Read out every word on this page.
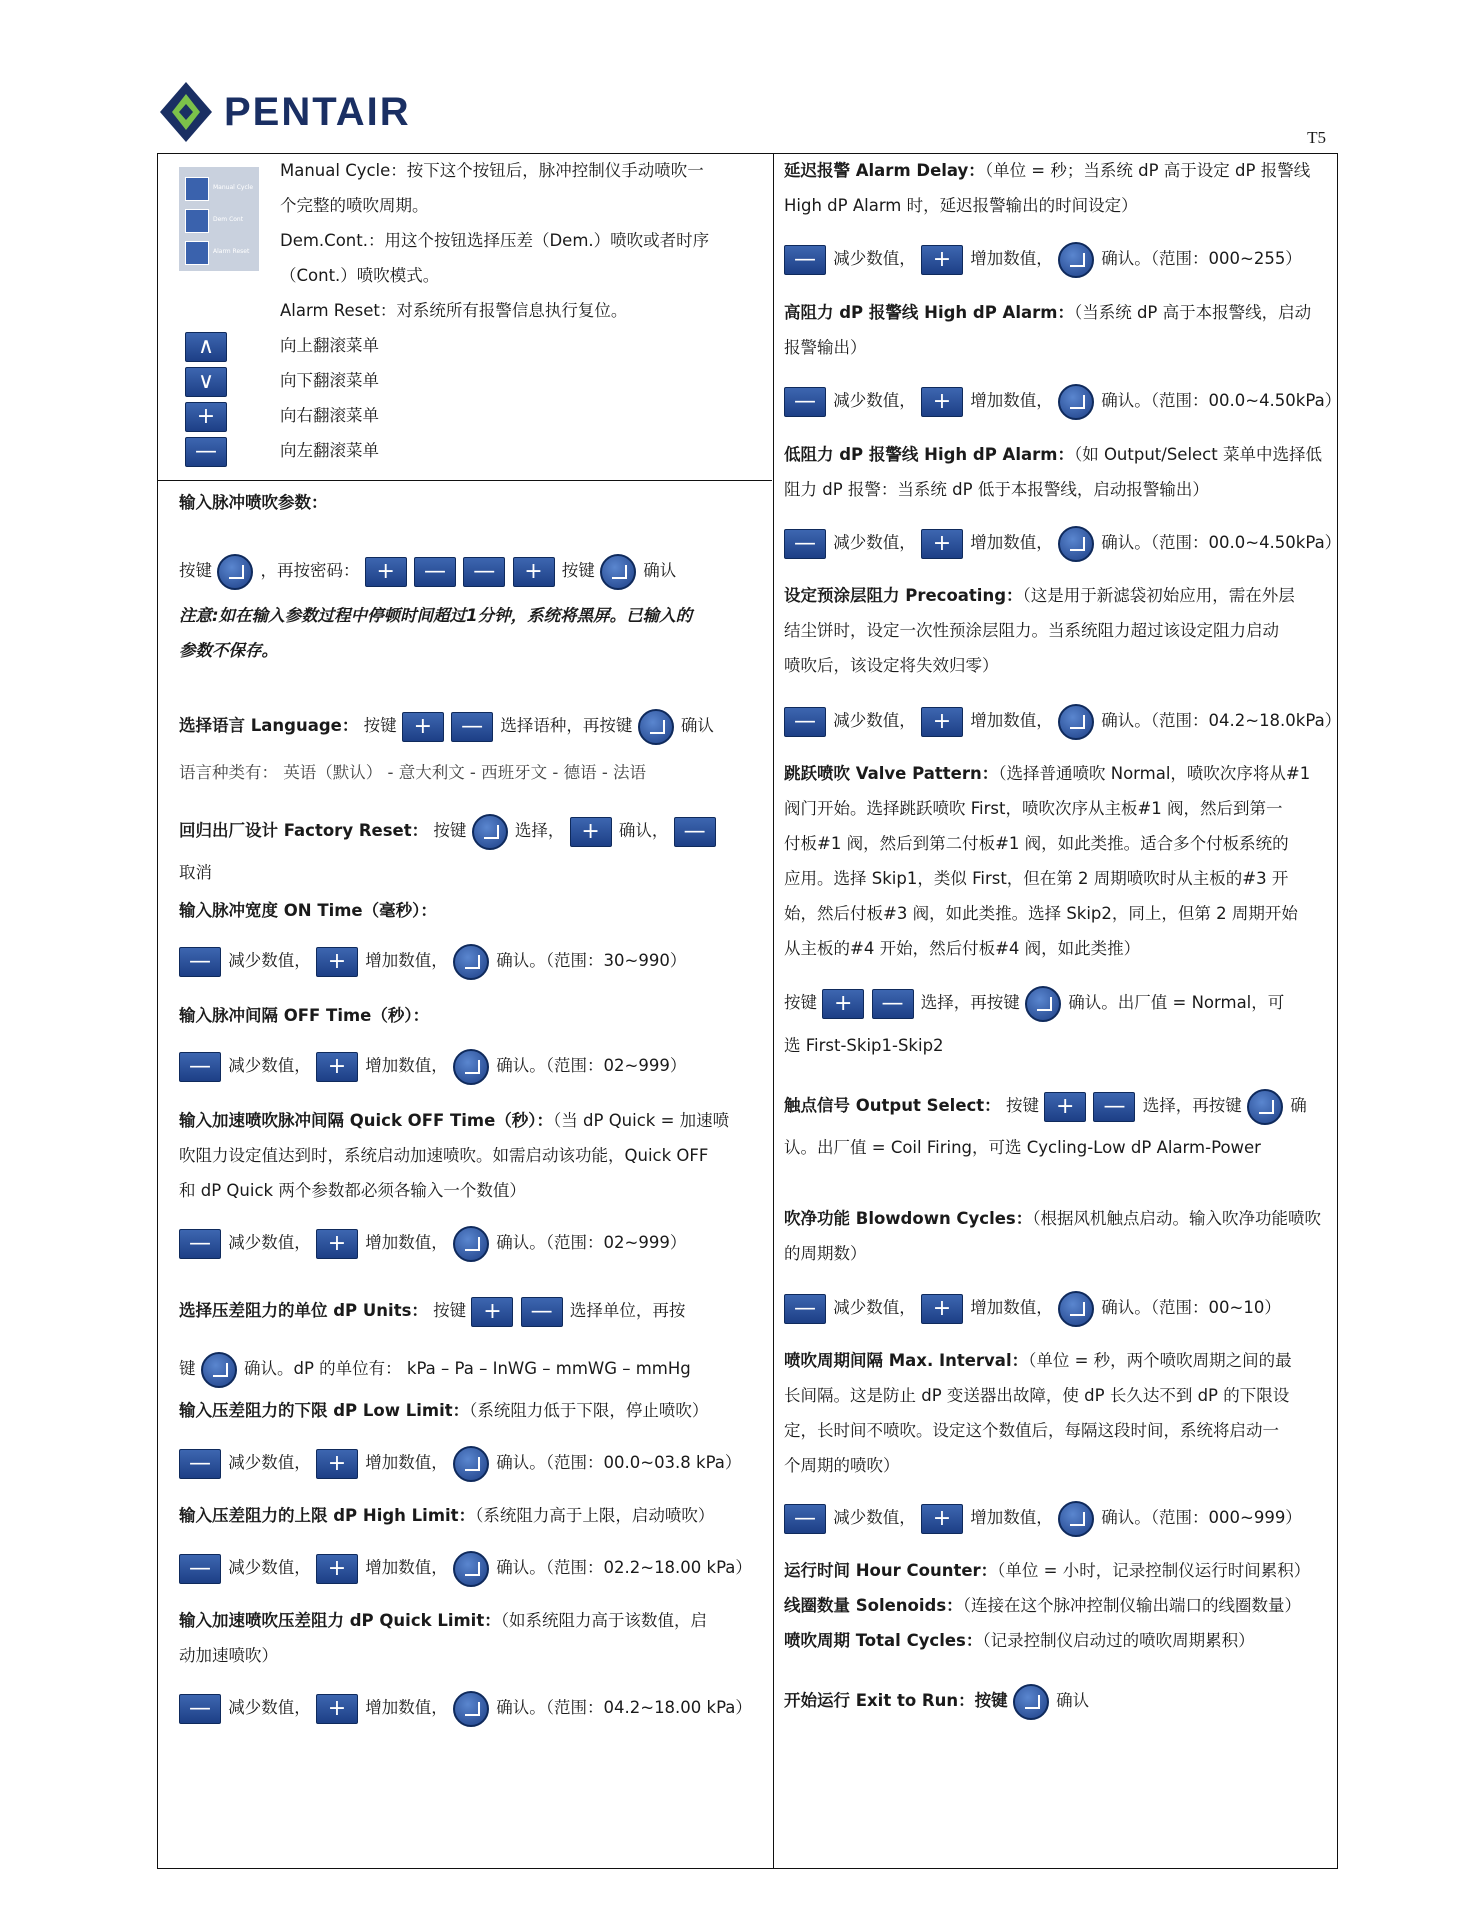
PENTAIR
T5
Manual Cycle
Dem Cont
Alarm Reset
Manual Cycle：按下这个按钮后，脉冲控制仪手动喷吹一
个完整的喷吹周期。
Dem.Cont.：用这个按钮选择压差（Dem.）喷吹或者时序
（Cont.）喷吹模式。
Alarm Reset：对系统所有报警信息执行复位。
∧	向上翻滚菜单
∨	向下翻滚菜单
+	向右翻滚菜单
—	向左翻滚菜单
输入脉冲喷吹参数：
按键	，再按密码： + — — + 按键	确认
注意:如在输入参数过程中停顿时间超过1分钟，系统将黑屏。已输入的
参数不保存。
选择语言 Language： 按键 + — 选择语种，再按键	确认
语言种类有： 英语（默认） - 意大利文 - 西班牙文 - 德语 - 法语
回归出厂设计 Factory Reset： 按键	选择， + 确认， —
取消
输入脉冲宽度 ON Time（毫秒）：
— 减少数值， + 增加数值，	确认。（范围：30~990）
输入脉冲间隔 OFF Time（秒）：
— 减少数值， + 增加数值，	确认。（范围：02~999）
输入加速喷吹脉冲间隔 Quick OFF Time（秒）：（当 dP Quick = 加速喷
吹阻力设定值达到时，系统启动加速喷吹。如需启动该功能，Quick OFF
和 dP Quick 两个参数都必须各输入一个数值）
— 减少数值， + 增加数值，	确认。（范围：02~999）
选择压差阻力的单位 dP Units： 按键 + — 选择单位，再按
键	确认。dP 的单位有： kPa – Pa – InWG – mmWG – mmHg
输入压差阻力的下限 dP Low Limit：（系统阻力低于下限，停止喷吹）
— 减少数值， + 增加数值，	确认。（范围：00.0~03.8 kPa）
输入压差阻力的上限 dP High Limit：（系统阻力高于上限，启动喷吹）
— 减少数值， + 增加数值，	确认。（范围：02.2~18.00 kPa）
输入加速喷吹压差阻力 dP Quick Limit：（如系统阻力高于该数值，启
动加速喷吹）
— 减少数值， + 增加数值，	确认。（范围：04.2~18.00 kPa）
延迟报警 Alarm Delay：（单位 = 秒；当系统 dP 高于设定 dP 报警线
High dP Alarm 时，延迟报警输出的时间设定）
— 减少数值， + 增加数值，	确认。（范围：000~255）
高阻力 dP 报警线 High dP Alarm：（当系统 dP 高于本报警线，启动
报警输出）
— 减少数值， + 增加数值，	确认。（范围：00.0~4.50kPa）
低阻力 dP 报警线 High dP Alarm：（如 Output/Select 菜单中选择低
阻力 dP 报警：当系统 dP 低于本报警线，启动报警输出）
— 减少数值， + 增加数值，	确认。（范围：00.0~4.50kPa）
设定预涂层阻力 Precoating：（这是用于新滤袋初始应用，需在外层
结尘饼时，设定一次性预涂层阻力。当系统阻力超过该设定阻力启动
喷吹后，该设定将失效归零）
— 减少数值， + 增加数值，	确认。（范围：04.2~18.0kPa）
跳跃喷吹 Valve Pattern：（选择普通喷吹 Normal，喷吹次序将从#1
阀门开始。选择跳跃喷吹 First，喷吹次序从主板#1 阀，然后到第一
付板#1 阀，然后到第二付板#1 阀，如此类推。适合多个付板系统的
应用。选择 Skip1，类似 First，但在第 2 周期喷吹时从主板的#3 开
始，然后付板#3 阀，如此类推。选择 Skip2，同上，但第 2 周期开始
从主板的#4 开始，然后付板#4 阀，如此类推）
按键 + — 选择，再按键	确认。出厂值 = Normal，可
选 First-Skip1-Skip2
触点信号 Output Select： 按键 + — 选择，再按键	确
认。出厂值 = Coil Firing，可选 Cycling-Low dP Alarm-Power
吹净功能 Blowdown Cycles：（根据风机触点启动。输入吹净功能喷吹
的周期数）
— 减少数值， + 增加数值，	确认。（范围：00~10）
喷吹周期间隔 Max. Interval：（单位 = 秒，两个喷吹周期之间的最
长间隔。这是防止 dP 变送器出故障，使 dP 长久达不到 dP 的下限设
定，长时间不喷吹。设定这个数值后，每隔这段时间，系统将启动一
个周期的喷吹）
— 减少数值， + 增加数值，	确认。（范围：000~999）
运行时间 Hour Counter：（单位 = 小时，记录控制仪运行时间累积）
线圈数量 Solenoids：（连接在这个脉冲控制仪输出端口的线圈数量）
喷吹周期 Total Cycles：（记录控制仪启动过的喷吹周期累积）
开始运行 Exit to Run：按键	确认
